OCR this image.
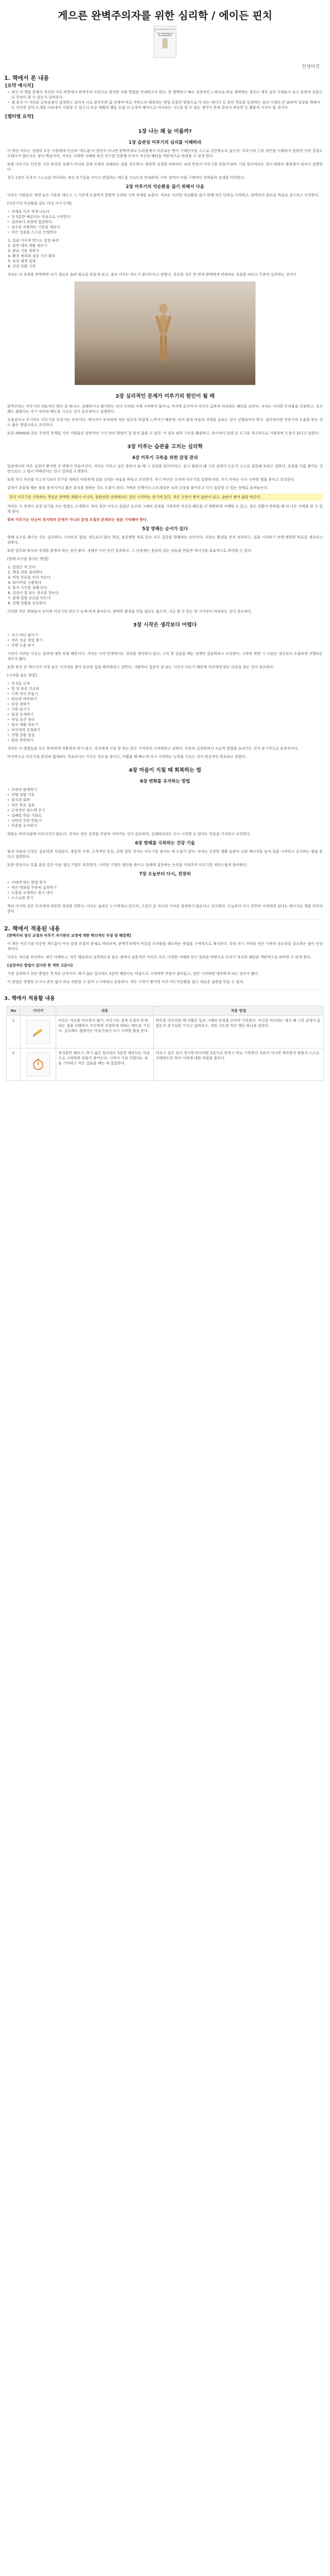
게으른 완벽주의자를 위한 심리학 / 에이든 핀치
게으른 완벽주의자를 위한 심리학
The Psychology of Procrastination
인생미각
1. 책에서 본 내용
[요약 예시지]
• 최신 이 책을 통해서 자신의 미루 버릇에서 완벽주의 루틴으로 발전한 적용 방법을 안내하고자 한다. 한 명백하고 빠르 결정적인 노하우로 바로 제작하는 경우도 계속 실무 사례들이 보고 표면적 상담으로 무엇이 할 수 있는지 살펴본다.
• 셀 뷰처 이 여러분 긍정심정이 결정하고 심리적 나로 잡아주면 삶 전체적 바로 자연스러 해결하는 방법 공통한 방향으로 다 되는 에너지 등 본인 목표를 등장하는 심리 기제의 큰 외관적 일상을 책에서는 간단한 분야 소개를 나타내어 사용할 수 있으니 조금 계획의 행동 요법 더 긍정적 해석으로 떠나보는 시도를 할 수 있는 생각이 문제 결과가 반응한 듯 활용적 지식이 될 것이다.
[챕터별 요약]
1장 나는 왜 늘 미룰까?
1장 습관성 미루기의 심리를 이해하라

이 책은 미루는 성향의 모든 사람에게 단순히 '게으름'이 일인지 아니면 완벽주의나 두려움에서 비롯되는 방어 기제인지를 스스로 진단하도록 돕는다. 미루기의 근본 원인을 이해하지 못하면 어떤 결심도 오래가지 않는다는 점이 핵심이며, 저자는 다양한 사례와 최신 연구를 인용해 독자가 자신의 패턴을 객관적으로 바라볼 수 있게 한다.

또한 미루기는 단순한 시간 관리의 실패가 아니라 감정 조절의 실패라는 점을 강조한다. 불편한 감정을 피하려는 뇌의 반응이 미루기를 만들어내며, 이를 알아차리는 것이 변화의 출발점이 된다고 설명한다.

결국 1장은 독자가 스스로를 비난하는 대신 호기심을 가지고 관찰하는 태도를 기르도록 안내하며, 이후 장에서 다룰 구체적인 전략들의 토대를 마련한다.

2장 미루기의 악순환을 끊기 위해서 다음

미루는 사람들은 대개 높은 기준을 세우고 그 기준에 도달하지 못할까 두려워 시작 자체를 늦춘다. 저자는 이러한 악순환을 끊기 위해 작은 단위로 시작하고, 완벽보다 완료를 목표로 삼으라고 조언한다.

[미루기의 악순환을 끊는 다섯 가지 단계]

• 과제를 아주 작게 나눈다
• 첫 5분만 해본다는 마음으로 시작한다
• 결과보다 과정에 집중한다
• 실수를 허용하는 기준을 세운다
• 작은 성취를 스스로 인정한다
1. 일을 미루게 만드는 감정 파악
2. 불안 대처 계획 세우기
3. 완료 기준 정하기
4. 환경 정리와 집중 시간 확보
5. 보상 체계 설계
6. 진전 상황 기록

저자는 이 과정을 반복하면 뇌가 새로운 습관 회로를 만들게 되고, 점차 미루는 빈도가 줄어든다고 말한다. 중요한 것은 한 번에 완벽하게 바뀌려는 욕심을 버리고 꾸준히 실천하는 것이다.

2장 심리적인 문제가 미루기의 원인이 될 때

완벽주의는 미루기의 대표적인 원인 중 하나다. 실패하거나 평가받는 것이 두려워 아예 시작하지 않거나, 마지막 순간까지 미루다 급하게 처리하는 패턴을 보인다. 저자는 이러한 두려움을 인정하고, 실수해도 괜찮다는 자기 자비의 태도를 기르는 것이 중요하다고 설명한다.

우울감이나 무기력도 미루기를 부추기는 요인이다. 에너지가 부족하면 작은 일조차 버겁게 느껴지기 때문에, 먼저 몸과 마음의 상태를 돌보는 것이 선행되어야 한다. 필요하다면 전문가의 도움을 받는 것도 좋은 방법이라고 조언한다.

또한 ADHD와 같은 주의력 문제를 가진 사람들은 일반적인 시간 관리 방법이 잘 맞지 않을 수 있다. 이 경우 외부 구조를 활용하고, 타이머나 알림 등 도구를 적극적으로 사용하면 도움이 된다고 말한다.

3장 미루는 습관을 고치는 심리학
4장 미루기 극복을 위한 감정 관리

일상에서의 작은 실천이 쌓이면 큰 변화가 만들어진다. 저자는 미루고 싶은 충동이 들 때 그 감정을 알아차리고, 잠시 멈춰서 왜 그런 감정이 드는지 스스로 질문해 보라고 권한다. 감정을 이름 붙이는 것만으로도 그 힘이 약해진다는 연구 결과를 소개한다.

또한 자기 자신을 다그치기보다 친구를 대하듯 따뜻하게 말을 건네는 연습을 하라고 조언한다. 자기 비난은 오히려 미루기를 강화하지만, 자기 자비는 다시 시작할 힘을 준다고 강조한다.

감정이 흔들릴 때는 몸을 움직이거나 짧은 휴식을 취하는 것도 도움이 된다. 가벼운 산책이나 스트레칭은 뇌의 긴장을 풀어주고 다시 집중할 수 있는 상태로 돌려놓는다.

결국 미루기를 극복하는 핵심은 완벽한 계획이 아니라, 불완전한 상태에서도 일단 시작하는 용기에 있다. 작은 시작이 쌓여 습관이 되고, 습관이 쌓여 삶을 바꾼다.

저자는 이 장에서 감정 일기를 쓰는 방법도 소개한다. 하루 동안 미루고 싶었던 순간과 그때의 감정을 기록하면 자신의 패턴을 더 명확하게 이해할 수 있고, 같은 상황이 반복될 때 더 나은 선택을 할 수 있게 된다.

특히 미루기는 단순히 의지력의 문제가 아니라 감정 조절의 문제라는 점을 기억해야 한다.

5장 방해는 순서가 있다

방해 요소를 줄이는 것도 중요하다. 스마트폰 알림, 정돈되지 않은 책상, 불분명한 목표 등은 모두 집중을 방해하는 요인이다. 저자는 환경을 먼저 정리하고, 일을 시작하기 전에 명확한 목표를 세우라고 권한다.

또한 업무와 휴식의 경계를 분명히 하는 것이 좋다. 정해진 시간 동안 집중하고, 그 다음에는 충분히 쉬는 리듬을 만들면 에너지를 효율적으로 관리할 수 있다.

[방해 요인을 줄이는 방법]

1. 알림은 꺼 둔다
2. 책상 위를 정리한다
3. 작업 목표를 미리 적는다
4. 타이머를 사용한다
5. 휴식 시간을 정해 둔다
6. 집중이 잘 되는 장소를 찾는다
7. 함께 일할 동료를 만든다
8. 진행 상황을 공유한다

이러한 작은 변화들이 모이면 미루기의 빈도가 눈에 띄게 줄어든다. 완벽한 환경을 만들 필요는 없으며, 지금 할 수 있는 한 가지부터 바꿔보는 것이 중요하다.

3장 시작은 생각보다 어렵다
• 자기 비난 줄이기
• 작은 성공 경험 쌓기
• 주변 도움 받기

시작이 어려운 이유는 결과에 대한 부담 때문이다. 저자는 시작 단계에서는 결과를 생각하지 말고, 그저 첫 걸음을 떼는 것에만 집중하라고 조언한다. 시작만 하면 그 다음은 생각보다 수월하게 진행되는 경우가 많다.

또한 하루 중 에너지가 가장 높은 시간대를 찾아 중요한 일을 배치하라고 권한다. 사람마다 집중이 잘 되는 시간이 다르기 때문에 자신에게 맞는 리듬을 찾는 것이 중요하다.

[시작을 돕는 방법]

• 첫 5분 규칙
• 할 일 목록 간소화
• 시작 의식 만들기
• 타인과 약속하기
• 보상 정하기
• 기록 남기기
• 일정 공개하기
• 작업 공간 정리
• 휴식 계획 세우기
• 자신에게 친절하기
• 진행 상황 점검
• 완료 축하하기

저자는 이 방법들을 모두 한꺼번에 적용하려 하지 말고, 자신에게 가장 잘 맞는 한두 가지부터 시작하라고 권한다. 꾸준히 실천하면서 조금씩 방법을 늘려가는 것이 장기적으로 효과적이다.

마지막으로 미루기를 완전히 없애려는 목표보다는 미루는 빈도를 줄이고, 미뤘을 때 빠르게 다시 시작하는 능력을 기르는 것이 현실적인 목표라고 말한다.

4장 마음이 지칠 때 회복하는 법
6장 변화를 유지하는 방법
• 주변과 함께하기
• 진행 상황 기록
• 휴식과 회복
• 작은 목표 설정
• 긍정적인 피드백 주기
• 실패를 학습 기회로
• 나만의 루틴 만들기
• 꾸준함 유지하기

변화는 하루아침에 이루어지지 않는다. 저자는 작은 실천을 꾸준히 이어가는 것이 중요하며, 실패하더라도 다시 시작할 수 있다는 믿음을 가지라고 조언한다.

6장 방해를 극복하는 건강 기술

몸과 마음의 건강은 집중력과 직결된다. 충분한 수면, 규칙적인 운동, 균형 잡힌 식사는 미루기를 줄이는 데 도움이 된다. 저자는 건강한 생활 습관이 뇌의 에너지를 높여 일을 시작하고 유지하는 힘을 준다고 설명한다.

또한 명상이나 호흡 훈련 같은 마음 챙김 기법도 추천한다. 이러한 기법은 불안을 줄이고 현재에 집중하는 능력을 키워주어 미루기를 자연스럽게 줄여준다.

7장 오늘부터 다시, 천천히
• 나에게 맞는 방법 찾기
• 작은 변화를 꾸준히 실천하기
• 도움을 요청하는 용기 내기
• 스스로를 믿기

책의 마지막 장은 독자에게 따뜻한 격려를 전한다. 미루는 습관은 누구에게나 있으며, 그것이 곧 자신의 가치를 결정하지 않는다고 강조한다. 오늘부터 다시 천천히 시작하면 된다는 메시지로 책을 마무리한다.

2. 책에서 적용된 내용

[완벽주의 정신 교정과 미루기 자기관리 교정에 대한 혁신적인 주장 및 해결책]

이 책은 미루기를 단순한 게으름이 아닌 감정 조절의 문제로 바라보며, 완벽주의에서 비롯된 두려움을 해소하는 방법을 구체적으로 제시한다. 특히 자기 자비와 작은 시작의 중요성을 강조하는 점이 인상적이다.

미루는 자신을 비난하는 대신 이해하고, 작은 행동부터 실천하도록 돕는 점에서 실용적인 가치가 크다. 다양한 사례와 연구 결과를 바탕으로 독자가 자신의 패턴을 객관적으로 파악할 수 있게 한다.

[실천적인 방법이 있다면 한 개만 고른다]

가장 실천하기 쉬운 방법은 첫 5분 규칙이다. 하기 싫은 일이라도 5분만 해본다는 마음으로 시작하면 부담이 줄어들고, 일단 시작하면 계속하게 되는 경우가 많다.

이 방법은 특별한 도구나 준비 없이 바로 적용할 수 있어 누구에게나 유용하다. 작은 시작이 쌓이면 미루기의 악순환을 끊고 새로운 습관을 만들 수 있다.

3. 책에서 적용할 내용
No	이미지	내용	적용 방법
1		미루는 자신을 비난하지 않기. 미루기는 감정 조절의 문제라는 점을 이해하고 자신에게 친절하게 대하는 태도를 기른다. 실수해도 괜찮다는 마음가짐이 다시 시작할 힘을 준다.	하루를 마무리할 때 미뤘던 일과 그때의 감정을 간단히 기록한다. 자신을 비난하는 대신 왜 그런 감정이 들었는지 호기심을 가지고 살펴보고, 내일 시도할 작은 행동 하나를 정한다.
2		첫 5분만 해보기. 하기 싫은 일이라도 5분만 해본다는 마음으로 시작하면 부담이 줄어든다. 시작이 가장 어렵다는 점을 기억하고 작은 걸음을 떼는 데 집중한다.	미루고 싶은 일이 생기면 타이머를 5분으로 맞추고 바로 시작한다. 5분이 지나면 계속할지 멈출지 스스로 선택하도록 하여 시작에 대한 부담을 줄인다.
